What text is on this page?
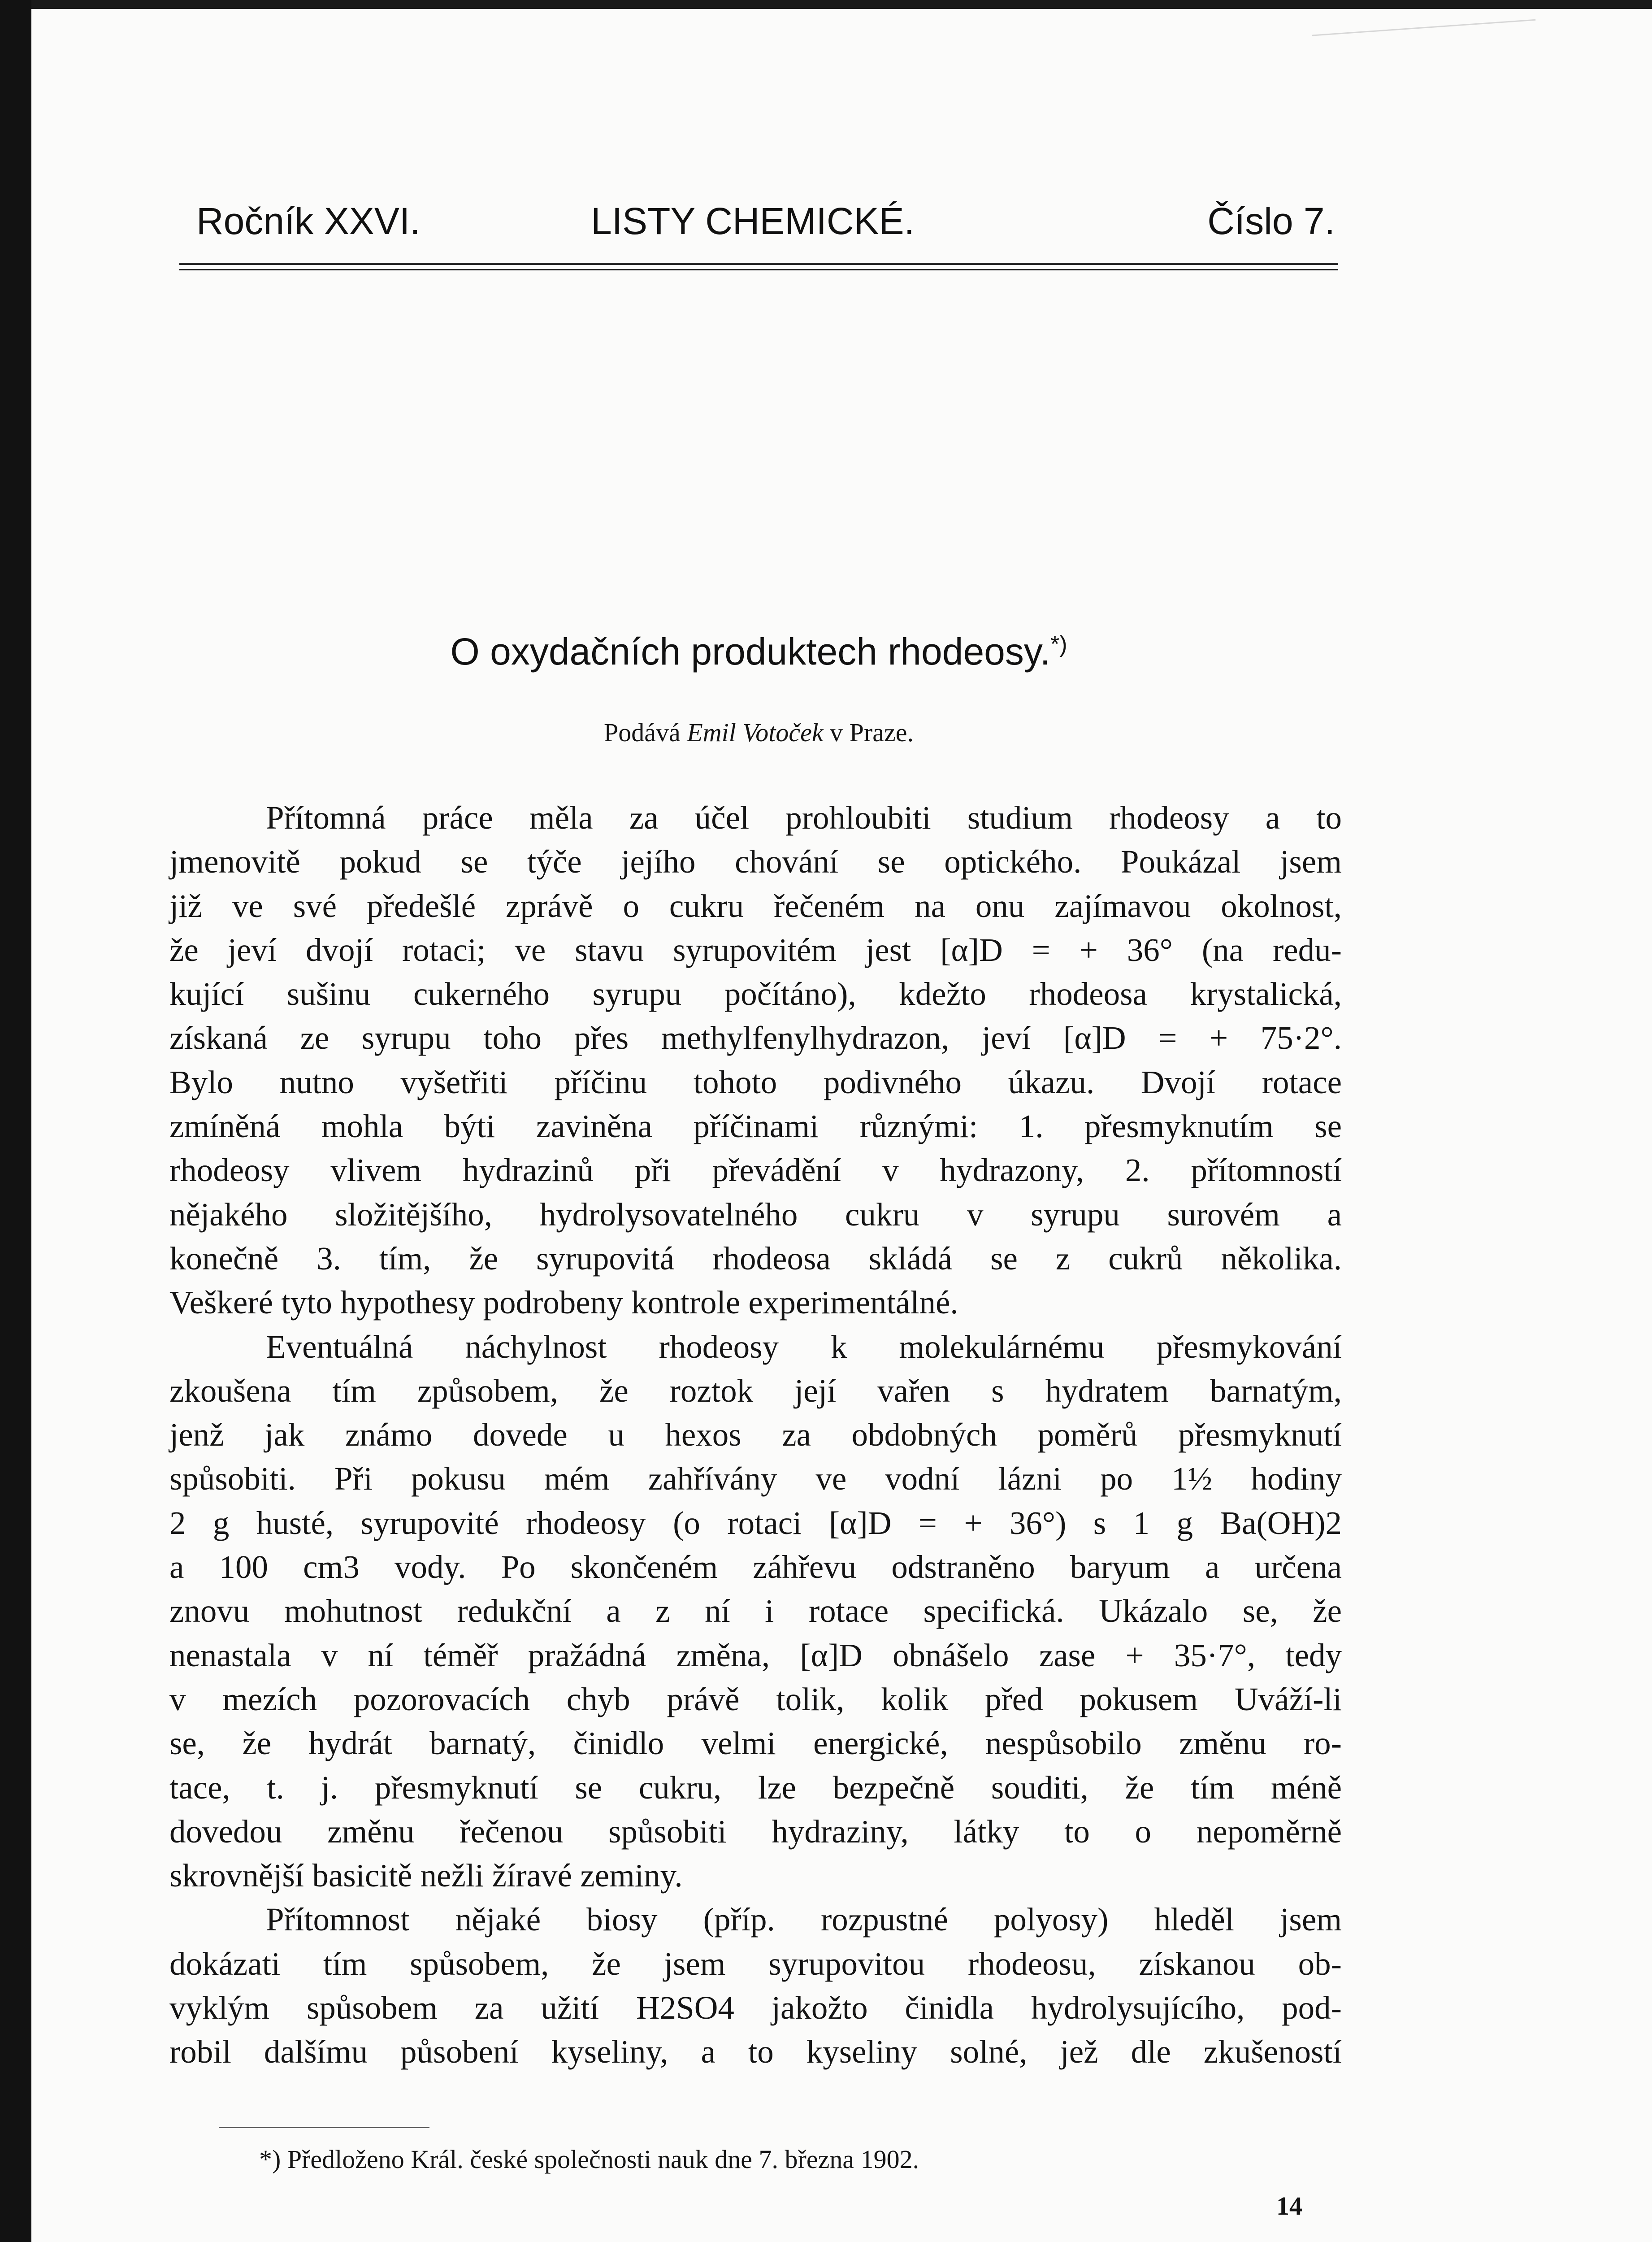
Ročník XXVI.	LISTY CHEMICKÉ.	Číslo 7.
O oxydačních produktech rhodeosy.*)
Podává Emil Votoček v Praze.
Přítomná práce měla za účel prohloubiti studium rhodeosy a to
jmenovitě pokud se týče jejího chování se optického. Poukázal jsem
již ve své předešlé zprávě o cukru řečeném na onu zajímavou okolnost,
že jeví dvojí rotaci; ve stavu syrupovitém jest [α]D = + 36° (na redu-
kující sušinu cukerného syrupu počítáno), kdežto rhodeosa krystalická,
získaná ze syrupu toho přes methylfenylhydrazon, jeví [α]D = + 75·2°.
Bylo nutno vyšetřiti příčinu tohoto podivného úkazu. Dvojí rotace
zmíněná mohla býti zaviněna příčinami různými: 1. přesmyknutím se
rhodeosy vlivem hydrazinů při převádění v hydrazony, 2. přítomností
nějakého složitějšího, hydrolysovatelného cukru v syrupu surovém a
konečně 3. tím, že syrupovitá rhodeosa skládá se z cukrů několika.
Veškeré tyto hypothesy podrobeny kontrole experimentálné.
Eventuálná náchylnost rhodeosy k molekulárnému přesmykování
zkoušena tím způsobem, že roztok její vařen s hydratem barnatým,
jenž jak známo dovede u hexos za obdobných poměrů přesmyknutí
spůsobiti. Při pokusu mém zahřívány ve vodní lázni po 1½ hodiny
2 g husté, syrupovité rhodeosy (o rotaci [α]D = + 36°) s 1 g Ba(OH)2
a 100 cm3 vody. Po skončeném záhřevu odstraněno baryum a určena
znovu mohutnost redukční a z ní i rotace specifická. Ukázalo se, že
nenastala v ní téměř pražádná změna, [α]D obnášelo zase + 35·7°, tedy
v mezích pozorovacích chyb právě tolik, kolik před pokusem Uváží-li
se, že hydrát barnatý, činidlo velmi energické, nespůsobilo změnu ro-
tace, t. j. přesmyknutí se cukru, lze bezpečně souditi, že tím méně
dovedou změnu řečenou spůsobiti hydraziny, látky to o nepoměrně
skrovnější basicitě nežli žíravé zeminy.
Přítomnost nějaké biosy (příp. rozpustné polyosy) hleděl jsem
dokázati tím spůsobem, že jsem syrupovitou rhodeosu, získanou ob-
vyklým spůsobem za užití H2SO4 jakožto činidla hydrolysujícího, pod-
robil dalšímu působení kyseliny, a to kyseliny solné, jež dle zkušeností
*) Předloženo Král. české společnosti nauk dne 7. března 1902.
14
